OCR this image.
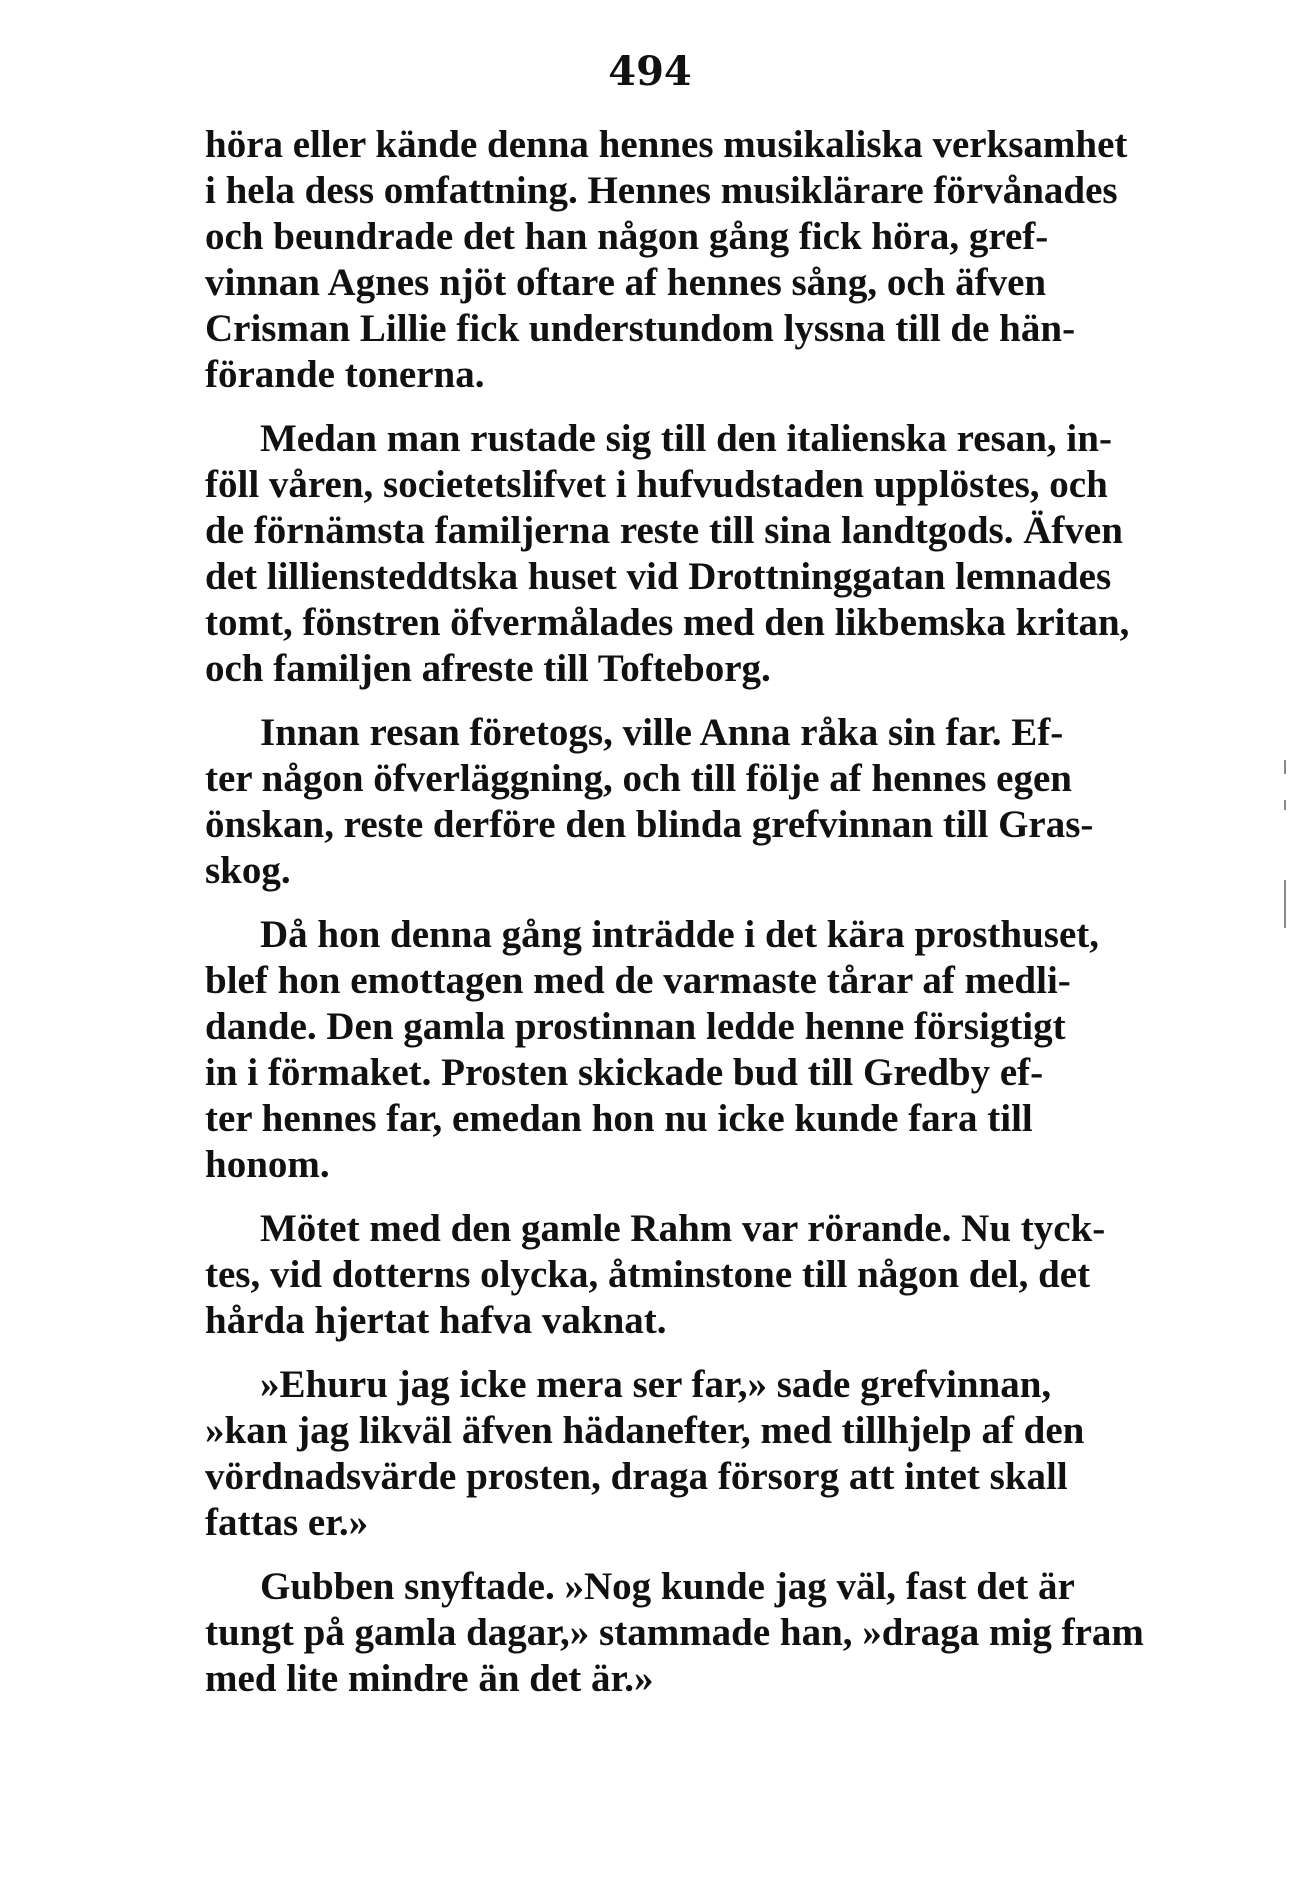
494

höra eller kände denna hennes musikaliska verksamhet
i hela dess omfattning. Hennes musiklärare förvånades
och beundrade det han någon gång fick höra, gref-
vinnan Agnes njöt oftare af hennes sång, och äfven
Crisman Lillie fick understundom lyssna till de hän-
förande tonerna.

Medan man rustade sig till den italienska resan, in-
föll våren, societetslifvet i hufvudstaden upplöstes, och
de förnämsta familjerna reste till sina landtgods. Äfven
det lilliensteddtska huset vid Drottninggatan lemnades
tomt, fönstren öfvermålades med den likbemska kritan,
och familjen afreste till Tofteborg.

Innan resan företogs, ville Anna råka sin far. Ef-
ter någon öfverläggning, och till följe af hennes egen
önskan, reste derföre den blinda grefvinnan till Gras-
skog.

Då hon denna gång inträdde i det kära prosthuset,
blef hon emottagen med de varmaste tårar af medli-
dande. Den gamla prostinnan ledde henne försigtigt
in i förmaket. Prosten skickade bud till Gredby ef-
ter hennes far, emedan hon nu icke kunde fara till
honom.

Mötet med den gamle Rahm var rörande. Nu tyck-
tes, vid dotterns olycka, åtminstone till någon del, det
hårda hjertat hafva vaknat.

»Ehuru jag icke mera ser far,» sade grefvinnan,
»kan jag likväl äfven hädanefter, med tillhjelp af den
vördnadsvärde prosten, draga försorg att intet skall
fattas er.»

Gubben snyftade. »Nog kunde jag väl, fast det är
tungt på gamla dagar,» stammade han, »draga mig fram
med lite mindre än det är.»
